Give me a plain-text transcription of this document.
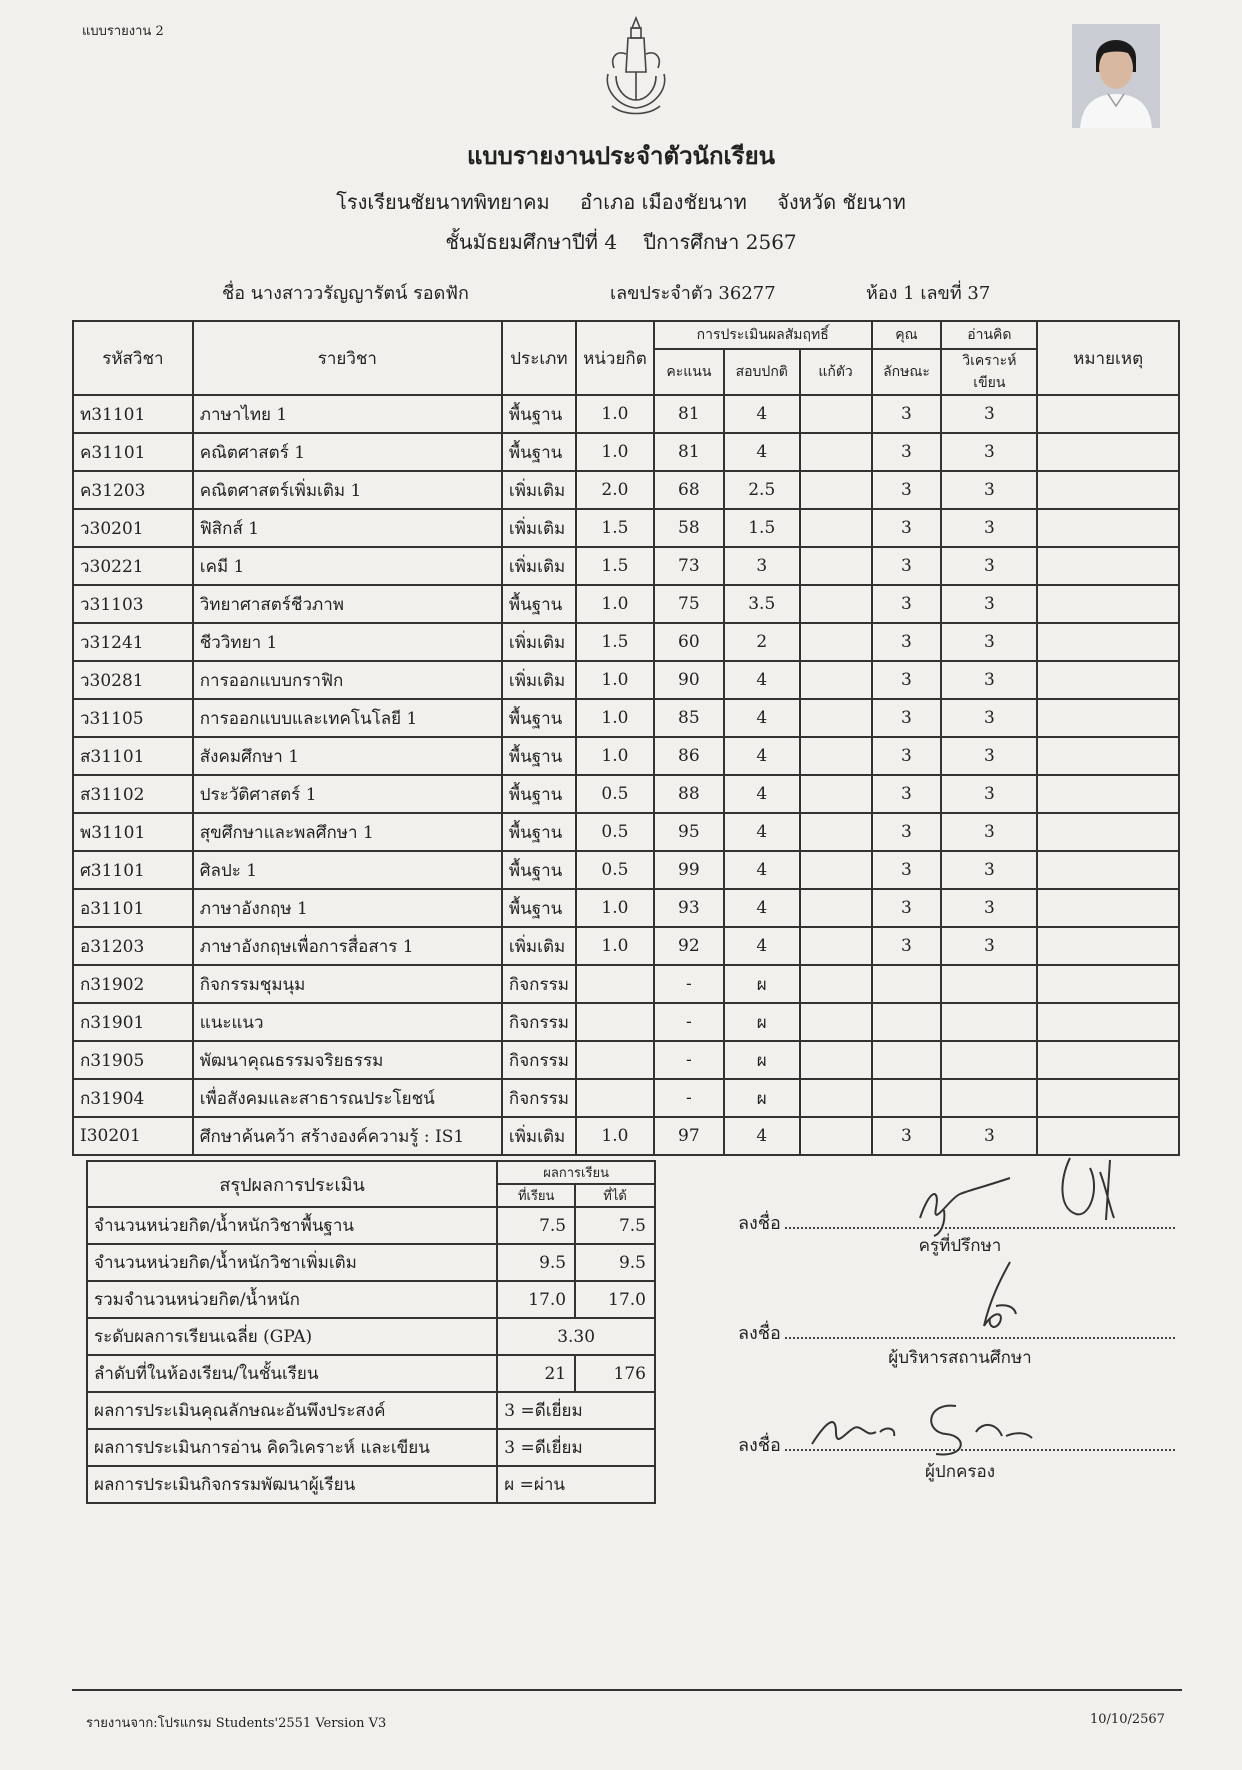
แบบรายงาน 2
แบบรายงานประจำตัวนักเรียน
โรงเรียนชัยนาทพิทยาคม อำเภอ เมืองชัยนาท จังหวัด ชัยนาท
ชั้นมัธยมศึกษาปีที่ 4 ปีการศึกษา 2567
ชื่อ นางสาววรัญญารัตน์ รอดฟัก	เลขประจำตัว 36277	ห้อง 1 เลขที่ 37
รหัสวิชา	รายวิชา	ประเภท	หน่วยกิต	การประเมินผลสัมฤทธิ์			คุณ	อ่านคิด	หมายเหตุ
				คะแนน	สอบปกติ	แก้ตัว	ลักษณะ	วิเคราะห์เขียน	
ท31101	ภาษาไทย 1	พื้นฐาน	1.0	81	4		3	3	
ค31101	คณิตศาสตร์ 1	พื้นฐาน	1.0	81	4		3	3	
ค31203	คณิตศาสตร์เพิ่มเติม 1	เพิ่มเติม	2.0	68	2.5		3	3	
ว30201	ฟิสิกส์ 1	เพิ่มเติม	1.5	58	1.5		3	3	
ว30221	เคมี 1	เพิ่มเติม	1.5	73	3		3	3	
ว31103	วิทยาศาสตร์ชีวภาพ	พื้นฐาน	1.0	75	3.5		3	3	
ว31241	ชีววิทยา 1	เพิ่มเติม	1.5	60	2		3	3	
ว30281	การออกแบบกราฟิก	เพิ่มเติม	1.0	90	4		3	3	
ว31105	การออกแบบและเทคโนโลยี 1	พื้นฐาน	1.0	85	4		3	3	
ส31101	สังคมศึกษา 1	พื้นฐาน	1.0	86	4		3	3	
ส31102	ประวัติศาสตร์ 1	พื้นฐาน	0.5	88	4		3	3	
พ31101	สุขศึกษาและพลศึกษา 1	พื้นฐาน	0.5	95	4		3	3	
ศ31101	ศิลปะ 1	พื้นฐาน	0.5	99	4		3	3	
อ31101	ภาษาอังกฤษ 1	พื้นฐาน	1.0	93	4		3	3	
อ31203	ภาษาอังกฤษเพื่อการสื่อสาร 1	เพิ่มเติม	1.0	92	4		3	3	
ก31902	กิจกรรมชุมนุม	กิจกรรม		-	ผ				
ก31901	แนะแนว	กิจกรรม		-	ผ				
ก31905	พัฒนาคุณธรรมจริยธรรม	กิจกรรม		-	ผ				
ก31904	เพื่อสังคมและสาธารณประโยชน์	กิจกรรม		-	ผ				
I30201	ศึกษาค้นคว้า สร้างองค์ความรู้ : IS1	เพิ่มเติม	1.0	97	4		3	3	
สรุปผลการประเมิน	ผลการเรียน	
	ที่เรียน	ที่ได้
จำนวนหน่วยกิต/น้ำหนักวิชาพื้นฐาน	7.5	7.5
จำนวนหน่วยกิต/น้ำหนักวิชาเพิ่มเติม	9.5	9.5
รวมจำนวนหน่วยกิต/น้ำหนัก	17.0	17.0
ระดับผลการเรียนเฉลี่ย (GPA)	3.30	
ลำดับที่ในห้องเรียน/ในชั้นเรียน	21	176
ผลการประเมินคุณลักษณะอันพึงประสงค์	3 =ดีเยี่ยม	
ผลการประเมินการอ่าน คิดวิเคราะห์ และเขียน	3 =ดีเยี่ยม	
ผลการประเมินกิจกรรมพัฒนาผู้เรียน	ผ =ผ่าน	
ลงชื่อ
ครูที่ปรึกษา
ลงชื่อ
ผู้บริหารสถานศึกษา
ลงชื่อ
ผู้ปกครอง
รายงานจาก:โปรแกรม Students'2551 Version V3	10/10/2567
